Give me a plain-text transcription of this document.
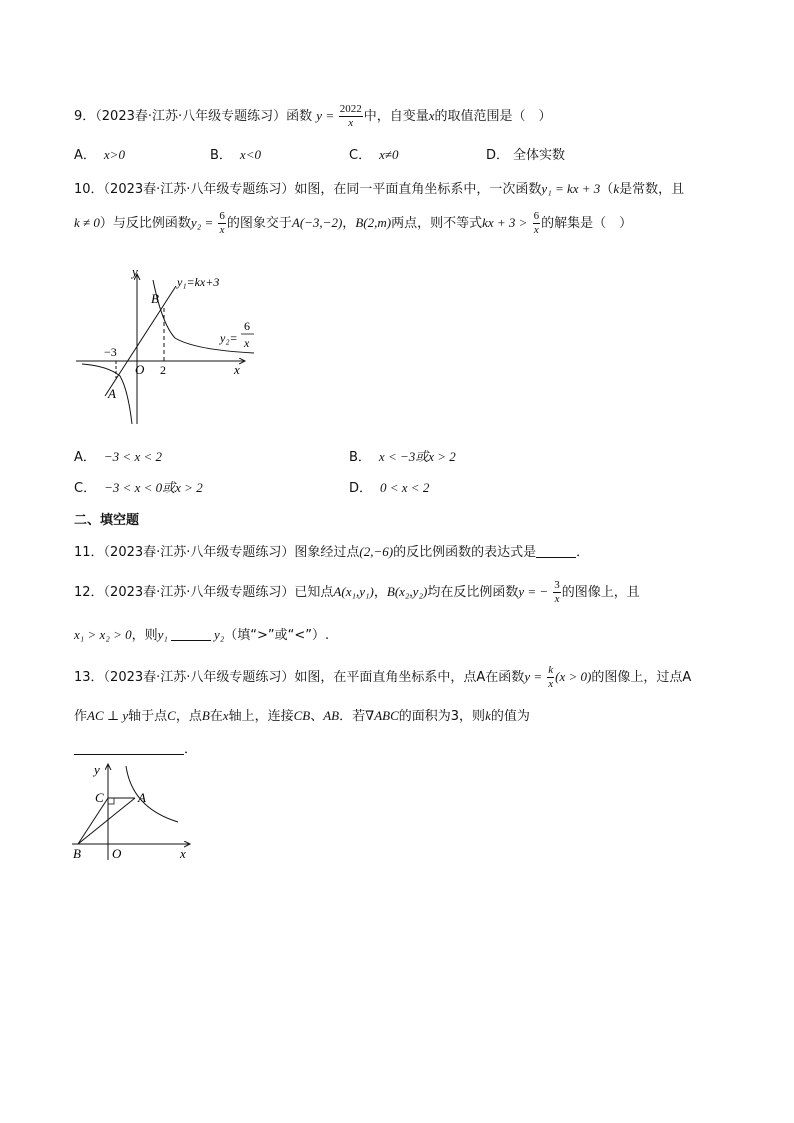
9．（2023春·江苏·八年级专题练习）函数 $y = \frac{2022}{x}$ 中，自变量x的取值范围是（　）
A． x>0	B． x<0	C． x≠0	D． 全体实数
10．（2023春·江苏·八年级专题练习）如图，在同一平面直角坐标系中，一次函数y₁ = kx + 3（k是常数，且
k ≠ 0）与反比例函数$y_2 = \frac{6}{x}$ 的图象交于A(−3,−2)，B(2,m)两点，则不等式kx + $3 > \frac{6}{x}$ 的解集是（　）
y
x
O
A
B
−3
2
y₁=kx+3
y₂=
6
x
A． −3 < x < 2	B． x < −3或x > 2
C． −3 < x < 0或x > 2	D． 0 < x < 2
二、填空题
11．（2023春·江苏·八年级专题练习）图象经过点(2,−6)的反比例函数的表达式是	．
12．（2023春·江苏·八年级专题练习）已知点A(x₁,y₁)，B(x₂,y₂)均在反比例函数y = − $\frac{3}{x}$ 的图像上，且
x₁ > x₂ > 0，则y₁	y₂（填“>”或“<”）.
13．（2023春·江苏·八年级专题练习）如图，在平面直角坐标系中，点A在函数$y = \frac{k}{x} (x > 0)$的图像上，过点A
作AC ⊥ y轴于点C，点B在x轴上，连接CB、AB．若∇ABC的面积为3，则k的值为
．
y
x
O
B
C	A
